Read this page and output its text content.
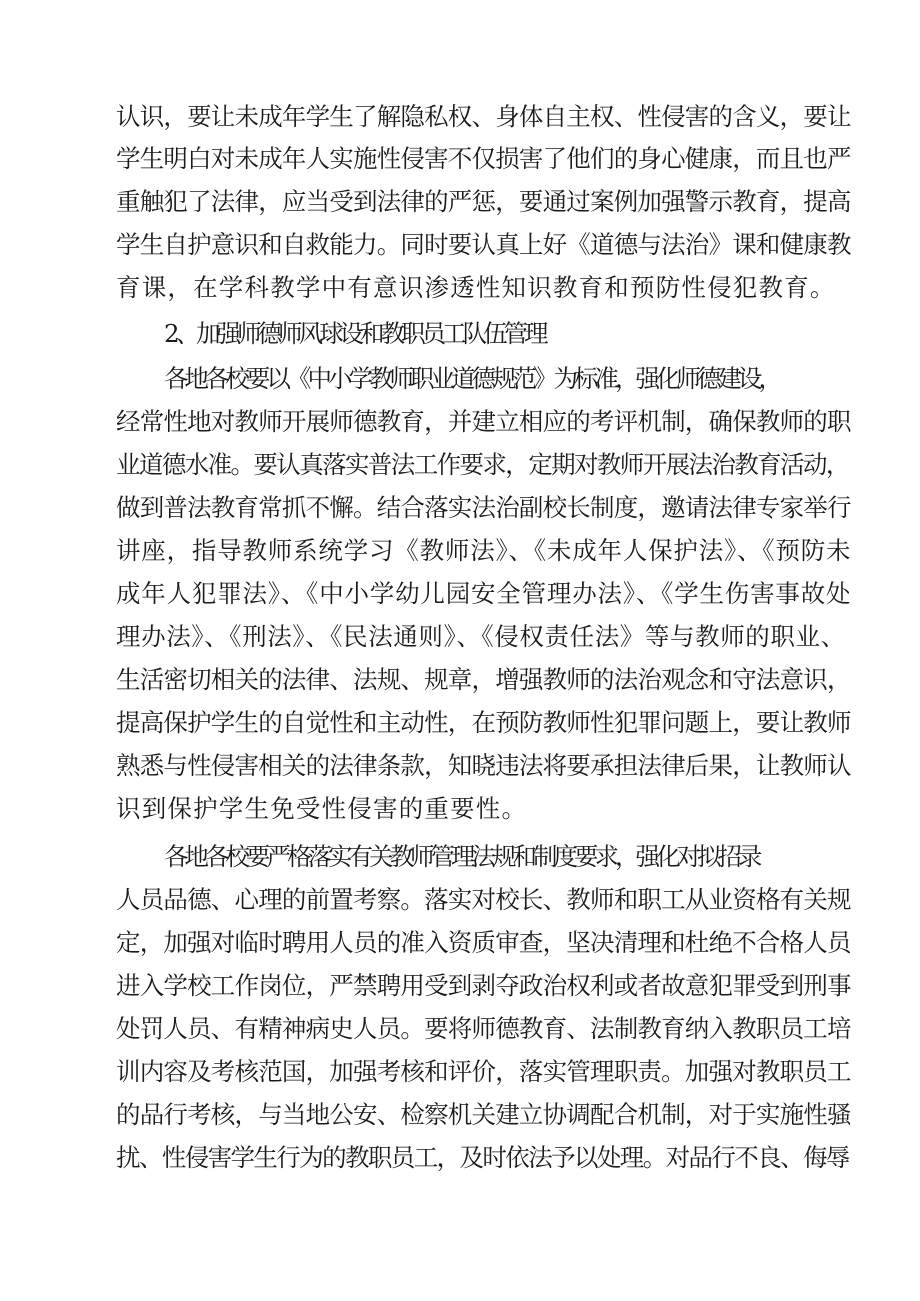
认识，要让未成年学生了解隐私权、身体自主权、性侵害的含义，要让
学生明白对未成年人实施性侵害不仅损害了他们的身心健康，而且也严
重触犯了法律，应当受到法律的严惩，要通过案例加强警示教育，提高
学生自护意识和自救能力。同时要认真上好《道德与法治》课和健康教
育课，在学科教学中有意识渗透性知识教育和预防性侵犯教育。
2、加强师德师风球设和教职员工队伍管理
各地各校要以《中小学教师职业道德规范》为标准，强化师德建设，
经常性地对教师开展师德教育，并建立相应的考评机制，确保教师的职
业道德水准。要认真落实普法工作要求，定期对教师开展法治教育活动，
做到普法教育常抓不懈。结合落实法治副校长制度，邀请法律专家举行
讲座，指导教师系统学习《教师法》、《未成年人保护法》、《预防未
成年人犯罪法》、《中小学幼儿园安全管理办法》、《学生伤害事故处
理办法》、《刑法》、《民法通则》、《侵权责任法》等与教师的职业、
生活密切相关的法律、法规、规章，增强教师的法治观念和守法意识，
提高保护学生的自觉性和主动性，在预防教师性犯罪问题上，要让教师
熟悉与性侵害相关的法律条款，知晓违法将要承担法律后果，让教师认
识到保护学生免受性侵害的重要性。
各地各校要严格落实有关教师管理法规和制度要求，强化对拟招录
人员品德、心理的前置考察。落实对校长、教师和职工从业资格有关规
定，加强对临时聘用人员的准入资质审查，坚决清理和杜绝不合格人员
进入学校工作岗位，严禁聘用受到剥夺政治权利或者故意犯罪受到刑事
处罚人员、有精神病史人员。要将师德教育、法制教育纳入教职员工培
训内容及考核范国，加强考核和评价，落实管理职责。加强对教职员工
的品行考核，与当地公安、检察机关建立协调配合机制，对于实施性骚
扰、性侵害学生行为的教职员工，及时依法予以处理。对品行不良、侮辱
